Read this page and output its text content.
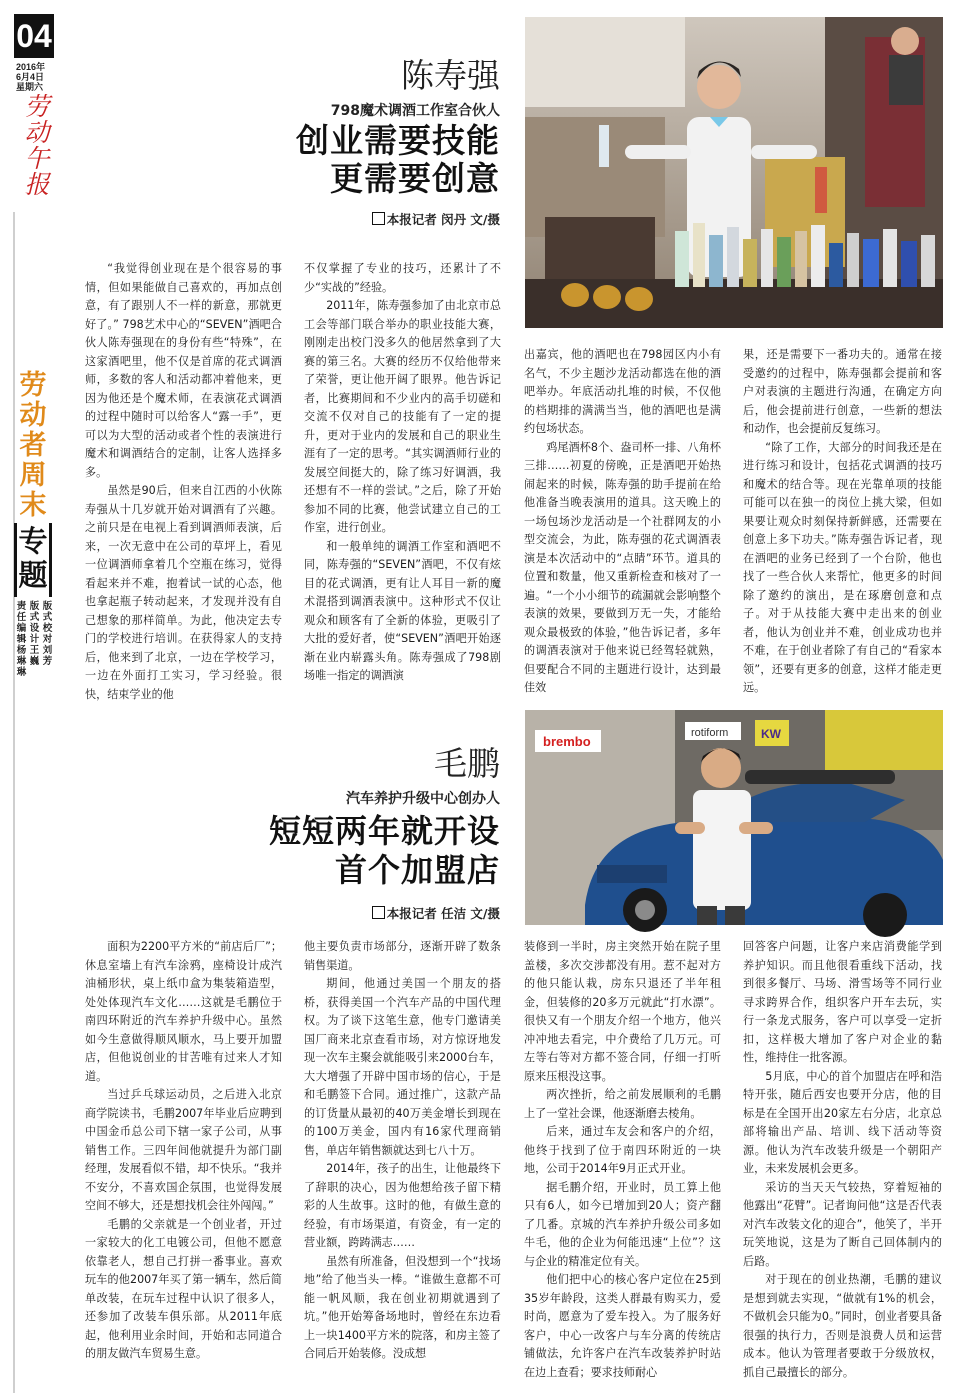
04
2016年
6月4日
星期六
劳动午报
劳动者周末
专题
版式校对 刘芳
版式设计 王巍
责任编辑 杨琳琳
陈寿强
798魔术调酒工作室合伙人
创业需要技能
更需要创意
本报记者 闵丹 文/摄

“我觉得创业现在是个很容易的事情，但如果能做自己喜欢的，再加点创意，有了跟别人不一样的新意，那就更好了。” 798艺术中心的“SEVEN”酒吧合伙人陈寿强现在的身份有些“特殊”，在这家酒吧里，他不仅是首席的花式调酒师，多数的客人和活动都冲着他来，更因为他还是个魔术师，在表演花式调酒的过程中随时可以给客人“露一手”，更可以为大型的活动或者个性的表演进行魔术和调酒结合的定制，让客人选择多多。

虽然是90后，但来自江西的小伙陈寿强从十几岁就开始对调酒有了兴趣。之前只是在电视上看到调酒师表演，后来，一次无意中在公司的草坪上，看见一位调酒师拿着几个空瓶在练习，觉得看起来并不难，抱着试一试的心态，他也拿起瓶子转动起来，才发现并没有自己想象的那样简单。为此，他决定去专门的学校进行培训。在获得家人的支持后，他来到了北京，一边在学校学习，一边在外面打工实习，学习经验。很快，结束学业的他

不仅掌握了专业的技巧，还累计了不少“实战的”经验。

2011年，陈寿强参加了由北京市总工会等部门联合举办的职业技能大赛，刚刚走出校门没多久的他居然拿到了大赛的第三名。大赛的经历不仅给他带来了荣誉，更让他开阔了眼界。他告诉记者，比赛期间和不少业内的高手切磋和交流不仅对自己的技能有了一定的提升，更对于业内的发展和自己的职业生涯有了一定的思考。“其实调酒师行业的发展空间挺大的，除了练习好调酒，我还想有不一样的尝试。”之后，除了开始参加不同的比赛，他尝试建立自己的工作室，进行创业。

和一般单纯的调酒工作室和酒吧不同，陈寿强的“SEVEN”酒吧，不仅有炫目的花式调酒，更有让人耳目一新的魔术混搭到调酒表演中。这种形式不仅让观众和顾客有了全新的体验，更吸引了大批的爱好者，使“SEVEN”酒吧开始逐渐在业内崭露头角。陈寿强成了798剧场唯一指定的调酒演

出嘉宾，他的酒吧也在798园区内小有名气，不少主题沙龙活动都选在他的酒吧举办。年底活动扎堆的时候，不仅他的档期排的满满当当，他的酒吧也是满约包场状态。

鸡尾酒杯8个、盎司杯一排、八角杯三排……初夏的傍晚，正是酒吧开始热闹起来的时候，陈寿强的助手提前在给他准备当晚表演用的道具。这天晚上的一场包场沙龙活动是一个社群网友的小型交流会，为此，陈寿强的花式调酒表演是本次活动中的“点睛”环节。道具的位置和数量，他又重新检查和核对了一遍。“一个小小细节的疏漏就会影响整个表演的效果，要做到万无一失，才能给观众最极致的体验，”他告诉记者，多年的调酒表演对于他来说已经驾轻就熟，但要配合不同的主题进行设计，达到最佳效

果，还是需要下一番功夫的。通常在接受邀约的过程中，陈寿强都会提前和客户对表演的主题进行沟通，在确定方向后，他会提前进行创意，一些新的想法和动作，也会提前反复练习。

“除了工作，大部分的时间我还是在进行练习和设计，包括花式调酒的技巧和魔术的结合等。现在光靠单项的技能可能可以在独一的岗位上挑大梁，但如果要让观众时刻保持新鲜感，还需要在创意上多下功夫。”陈寿强告诉记者，现在酒吧的业务已经到了一个台阶，他也找了一些合伙人来帮忙，他更多的时间除了邀约的演出，是在琢磨创意和点子。对于从技能大赛中走出来的创业者，他认为创业并不难，创业成功也并不难，在于创业者除了有自己的“看家本领”，还要有更多的创意，这样才能走更远。

毛鹏
汽车养护升级中心创办人
短短两年就开设
首个加盟店
本报记者 任洁 文/摄
brembo
rotiform	KW

面积为2200平方米的“前店后厂”；休息室墙上有汽车涂鸦，座椅设计成汽油桶形状，桌上纸巾盒为集装箱造型，处处体现汽车文化……这就是毛鹏位于南四环附近的汽车养护升级中心。虽然如今生意做得顺风顺水，马上要开加盟店，但他说创业的甘苦唯有过来人才知道。

当过乒乓球运动员，之后进入北京商学院读书，毛鹏2007年毕业后应聘到中国金币总公司下辖一家子公司，从事销售工作。三四年间他就提升为部门副经理，发展看似不错，却不快乐。“我并不安分，不喜欢国企氛围，也觉得发展空间不够大，还是想找机会往外闯闯。”

毛鹏的父亲就是一个创业者，开过一家较大的化工电镀公司，但他不愿意依靠老人，想自己打拼一番事业。喜欢玩车的他2007年买了第一辆车，然后简单改装，在玩车过程中认识了很多人，还参加了改装车俱乐部。从2011年底起，他利用业余时间，开始和志同道合的朋友做汽车贸易生意。

他主要负责市场部分，逐渐开辟了数条销售渠道。

期间，他通过美国一个朋友的搭桥，获得美国一个汽车产品的中国代理权。为了谈下这笔生意，他专门邀请美国厂商来北京查看市场，对方惊讶地发现一次车主聚会就能吸引来2000台车，大大增强了开辟中国市场的信心，于是和毛鹏签下合同。通过推广，这款产品的订货量从最初的40万美金增长到现在的100万美金，国内有16家代理商销售，单店年销售额就达到七八十万。

2014年，孩子的出生，让他最终下了辞职的决心，因为他想给孩子留下精彩的人生故事。这时的他，有做生意的经验，有市场渠道，有资金，有一定的营业额，跨踌满志……

虽然有所准备，但没想到一个“找场地”给了他当头一棒。“谁做生意都不可能一帆风顺，我在创业初期就遇到了坑。”他开始筹备场地时，曾经在东边看上一块1400平方米的院落，和房主签了合同后开始装修。没成想

装修到一半时，房主突然开始在院子里盖楼，多次交涉都没有用。惹不起对方的他只能认栽，房东只退还了半年租金，但装修的20多万元就此“打水漂”。很快又有一个朋友介绍一个地方，他兴冲冲地去看完，中介费给了几万元。可左等右等对方都不签合同，仔细一打听原来压根没这事。

两次挫折，给之前发展顺利的毛鹏上了一堂社会课，他逐渐磨去棱角。

后来，通过车友会和客户的介绍，他终于找到了位于南四环附近的一块地，公司于2014年9月正式开业。

据毛鹏介绍，开业时，员工算上他只有6人，如今已增加到20人；资产翻了几番。京城的汽车养护升级公司多如牛毛，他的企业为何能迅速“上位”？这与企业的精准定位有关。

他们把中心的核心客户定位在25到35岁年龄段，这类人群最有购买力，爱时尚，愿意为了爱车投入。为了服务好客户，中心一改客户与车分离的传统店铺做法，允许客户在汽车改装养护时站在边上查看；要求技师耐心

回答客户问题，让客户来店消费能学到养护知识。而且他很看重线下活动，找到很多餐厅、马场、滑雪场等不同行业寻求跨界合作，组织客户开车去玩，实行一条龙式服务，客户可以享受一定折扣，这样极大增加了客户对企业的黏性，维持住一批客源。

5月底，中心的首个加盟店在呼和浩特开张，随后西安也要开分店，他的目标是在全国开出20家左右分店，北京总部将输出产品、培训、线下活动等资源。他认为汽车改装升级是一个朝阳产业，未来发展机会更多。

采访的当天天气较热，穿着短袖的他露出“花臂”。记者询问他“这是否代表对汽车改装文化的迎合”，他笑了，半开玩笑地说，这是为了断自己回体制内的后路。

对于现在的创业热潮，毛鹏的建议是想到就去实现，“做就有1%的机会，不做机会只能为0。”同时，创业者要具备很强的执行力，否则是浪费人员和运营成本。他认为管理者要敢于分级放权，抓自己最擅长的部分。
